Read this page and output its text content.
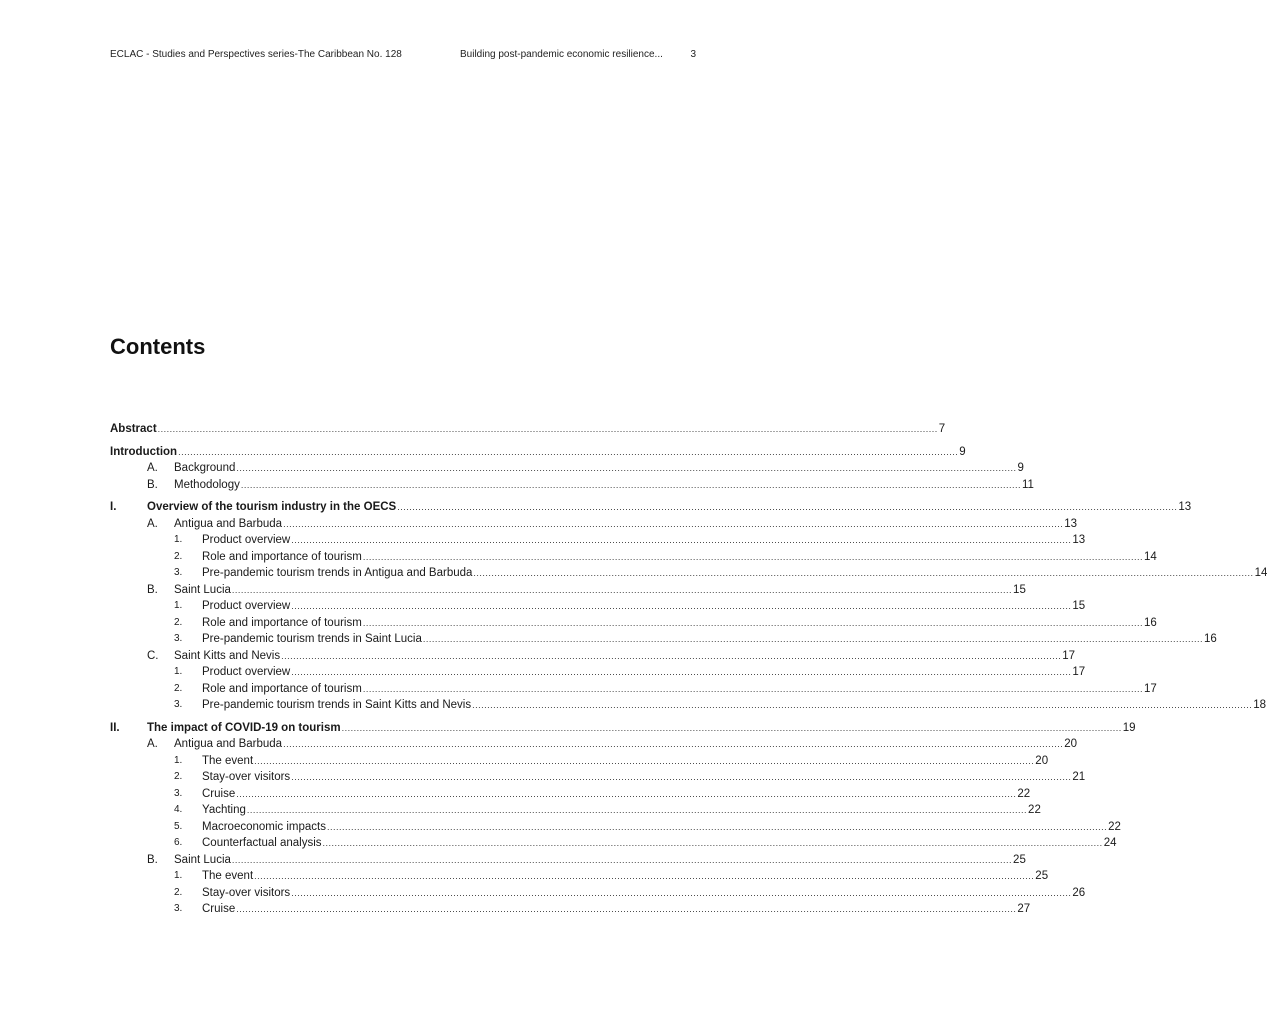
ECLAC - Studies and Perspectives series-The Caribbean No. 128	Building post-pandemic economic resilience...	3
Contents
Abstract .................................................................................................................................................................................................................................................................... 7
Introduction .................................................................................................................................................................................................................................................................... 9
A. Background .................................................................................................................................................................................................................................................................... 9
B. Methodology .................................................................................................................................................................................................................................................................... 11
I.	Overview of the tourism industry in the OECS .................................................................................................................................................................................................................................................................... 13
A. Antigua and Barbuda .................................................................................................................................................................................................................................................................... 13
1. Product overview .................................................................................................................................................................................................................................................................... 13
2. Role and importance of tourism .................................................................................................................................................................................................................................................................... 14
3. Pre-pandemic tourism trends in Antigua and Barbuda .................................................................................................................................................................................................................................................................... 14
B. Saint Lucia .................................................................................................................................................................................................................................................................... 15
1. Product overview .................................................................................................................................................................................................................................................................... 15
2. Role and importance of tourism .................................................................................................................................................................................................................................................................... 16
3. Pre-pandemic tourism trends in Saint Lucia .................................................................................................................................................................................................................................................................... 16
C. Saint Kitts and Nevis .................................................................................................................................................................................................................................................................... 17
1. Product overview .................................................................................................................................................................................................................................................................... 17
2. Role and importance of tourism .................................................................................................................................................................................................................................................................... 17
3. Pre-pandemic tourism trends in Saint Kitts and Nevis .................................................................................................................................................................................................................................................................... 18
II. The impact of COVID-19 on tourism .................................................................................................................................................................................................................................................................... 19
A. Antigua and Barbuda .................................................................................................................................................................................................................................................................... 20
1. The event .................................................................................................................................................................................................................................................................... 20
2. Stay-over visitors .................................................................................................................................................................................................................................................................... 21
3. Cruise .................................................................................................................................................................................................................................................................... 22
4. Yachting .................................................................................................................................................................................................................................................................... 22
5. Macroeconomic impacts .................................................................................................................................................................................................................................................................... 22
6. Counterfactual analysis .................................................................................................................................................................................................................................................................... 24
B. Saint Lucia .................................................................................................................................................................................................................................................................... 25
1. The event .................................................................................................................................................................................................................................................................... 25
2. Stay-over visitors .................................................................................................................................................................................................................................................................... 26
3. Cruise .................................................................................................................................................................................................................................................................... 27
